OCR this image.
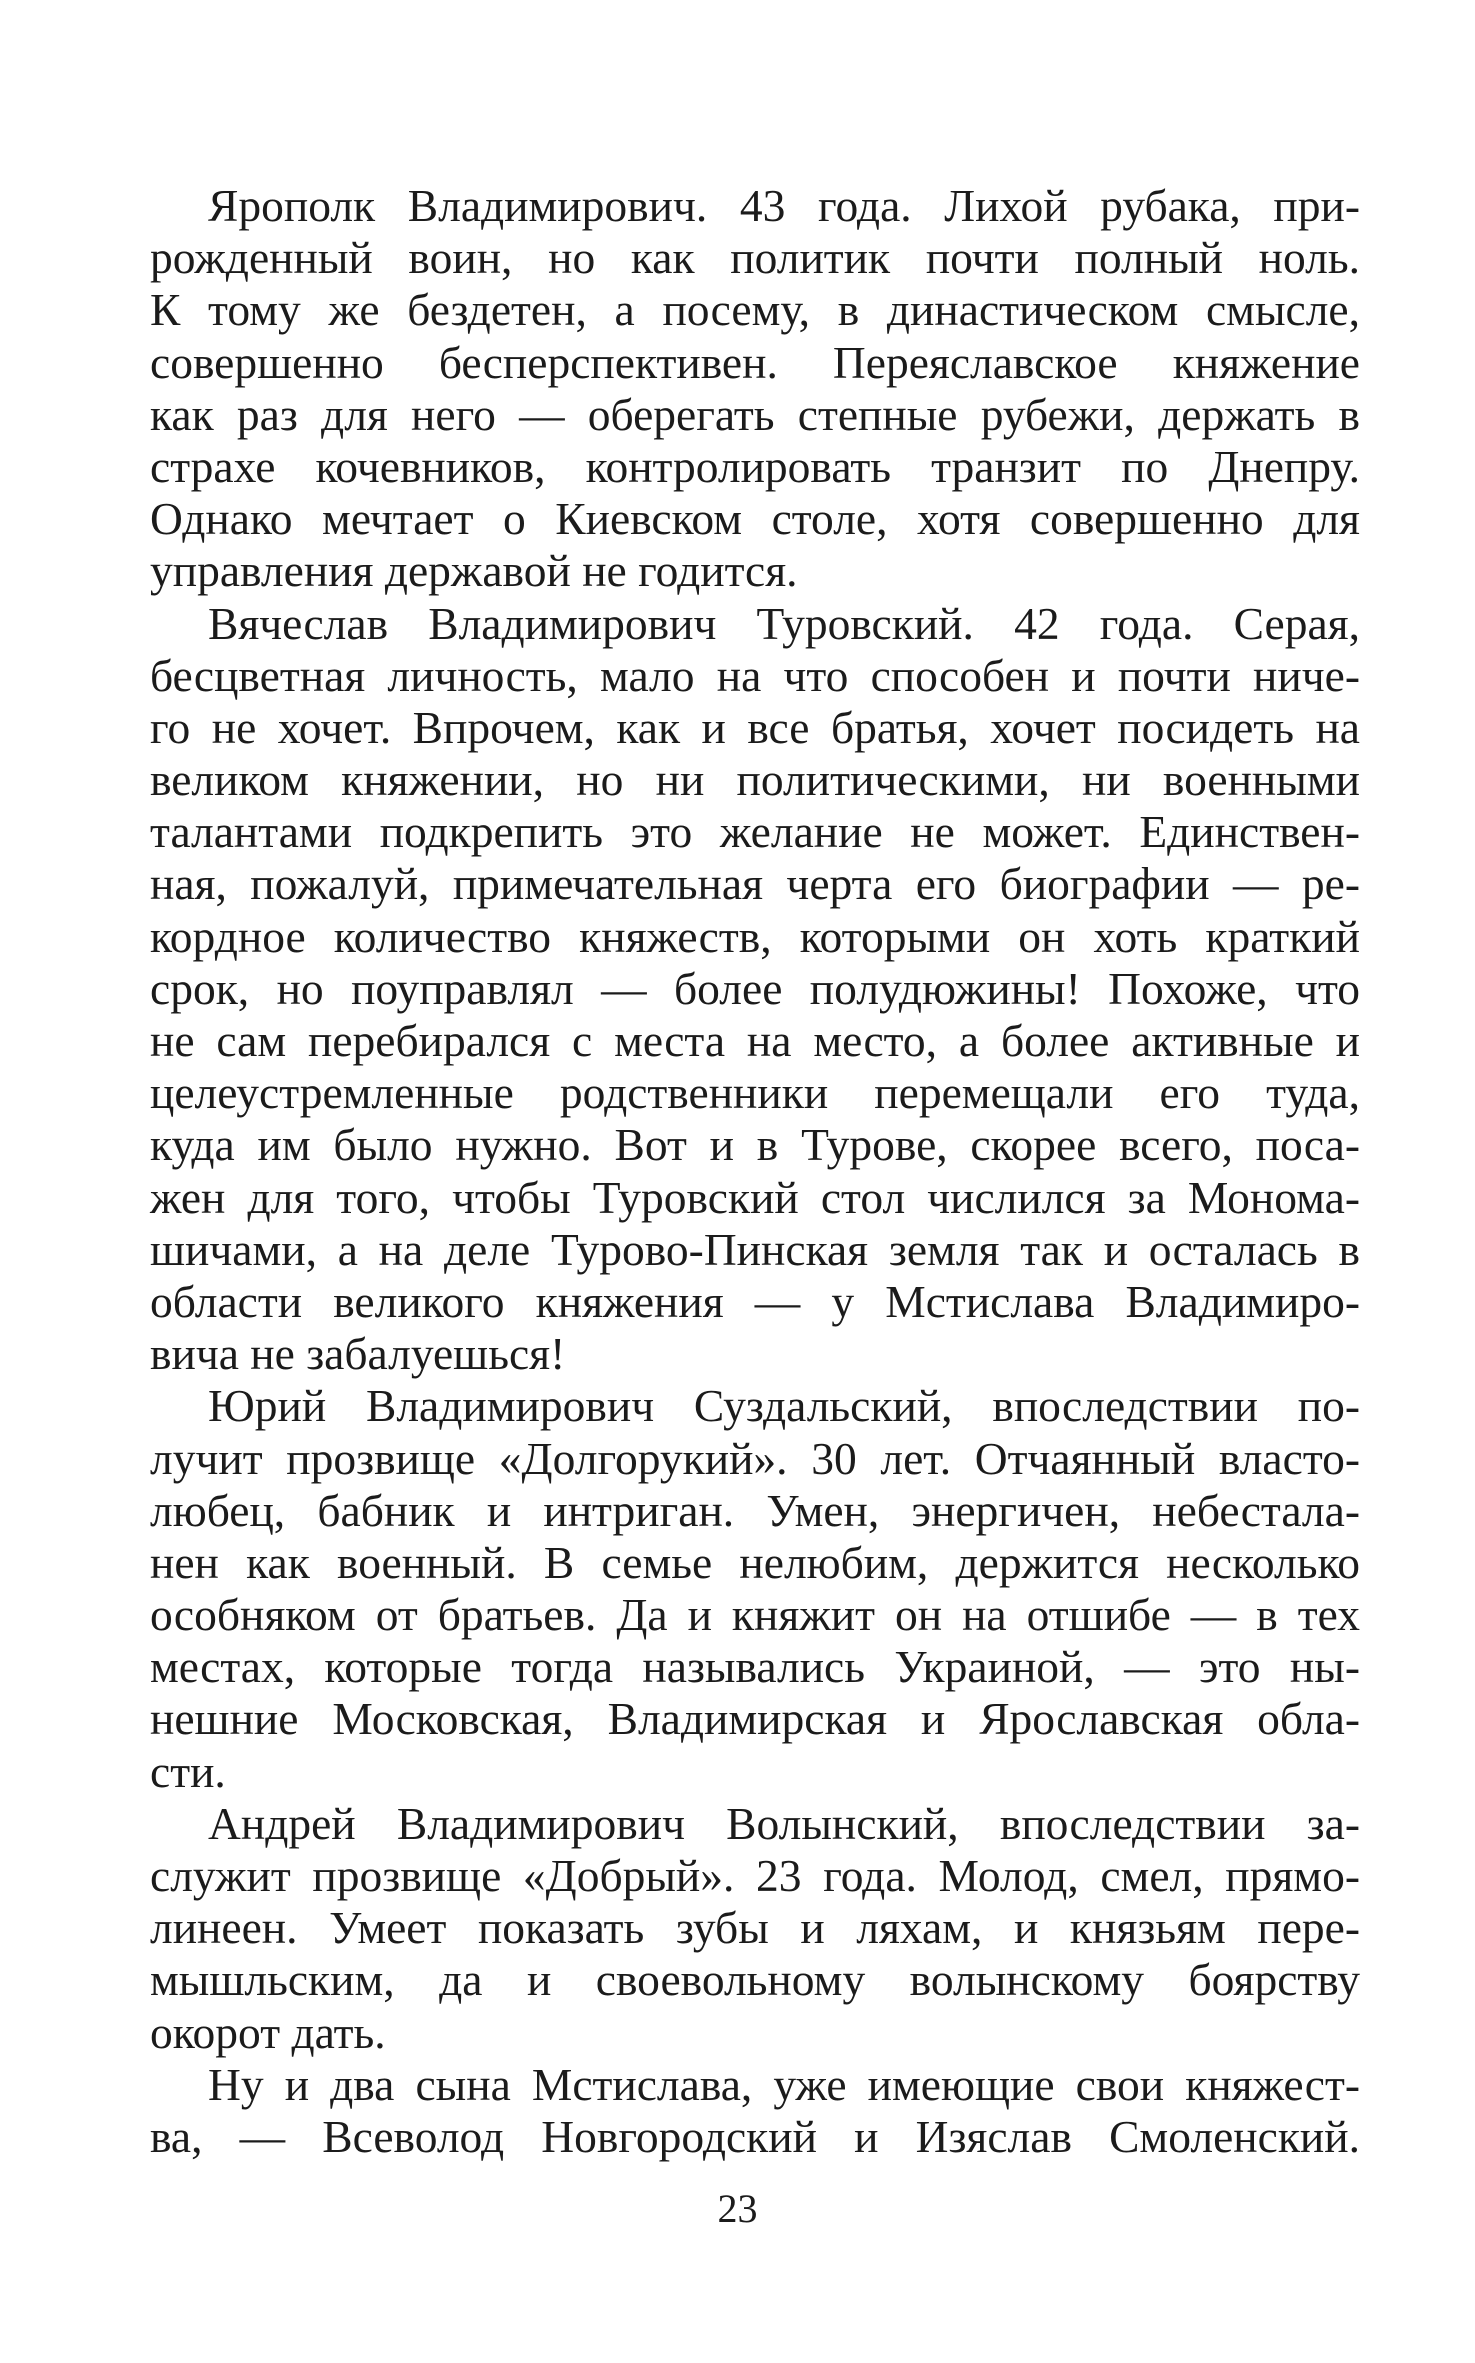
Ярополк Владимирович. 43 года. Лихой рубака, при-
рожденный воин, но как политик почти полный ноль.
К тому же бездетен, а посему, в династическом смысле,
совершенно бесперспективен. Переяславское княжение
как раз для него — оберегать степные рубежи, держать в
страхе кочевников, контролировать транзит по Днепру.
Однако мечтает о Киевском столе, хотя совершенно для
управления державой не годится.
Вячеслав Владимирович Туровский. 42 года. Серая,
бесцветная личность, мало на что способен и почти ниче-
го не хочет. Впрочем, как и все братья, хочет посидеть на
великом княжении, но ни политическими, ни военными
талантами подкрепить это желание не может. Единствен-
ная, пожалуй, примечательная черта его биографии — ре-
кордное количество княжеств, которыми он хоть краткий
срок, но поуправлял — более полудюжины! Похоже, что
не сам перебирался с места на место, а более активные и
целеустремленные родственники перемещали его туда,
куда им было нужно. Вот и в Турове, скорее всего, поса-
жен для того, чтобы Туровский стол числился за Монома-
шичами, а на деле Турово-Пинская земля так и осталась в
области великого княжения — у Мстислава Владимиро-
вича не забалуешься!
Юрий Владимирович Суздальский, впоследствии по-
лучит прозвище «Долгорукий». 30 лет. Отчаянный власто-
любец, бабник и интриган. Умен, энергичен, небестала-
нен как военный. В семье нелюбим, держится несколько
особняком от братьев. Да и княжит он на отшибе — в тех
местах, которые тогда назывались Украиной, — это ны-
нешние Московская, Владимирская и Ярославская обла-
сти.
Андрей Владимирович Волынский, впоследствии за-
служит прозвище «Добрый». 23 года. Молод, смел, прямо-
линеен. Умеет показать зубы и ляхам, и князьям пере-
мышльским, да и своевольному волынскому боярству
окорот дать.
Ну и два сына Мстислава, уже имеющие свои княжест-
ва, — Всеволод Новгородский и Изяслав Смоленский.
23
